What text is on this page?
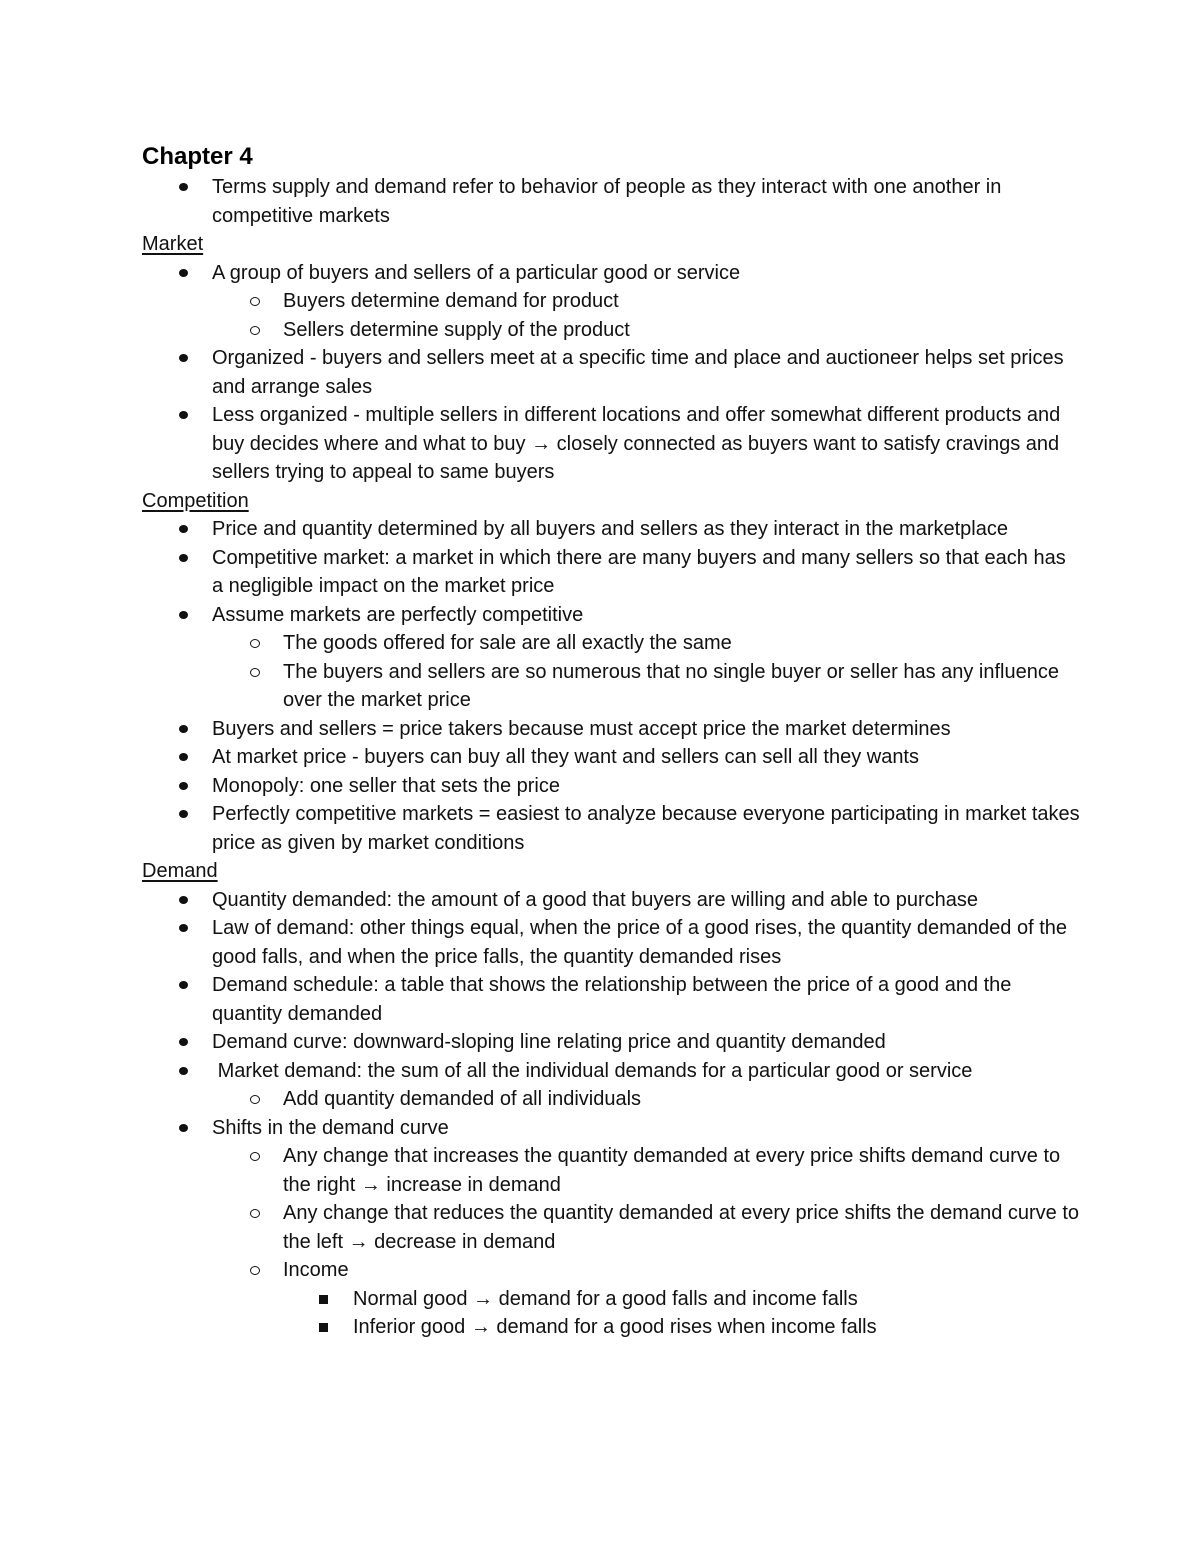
Chapter 4
Terms supply and demand refer to behavior of people as they interact with one another in competitive markets
Market
A group of buyers and sellers of a particular good or service
Buyers determine demand for product
Sellers determine supply of the product
Organized - buyers and sellers meet at a specific time and place and auctioneer helps set prices and arrange sales
Less organized - multiple sellers in different locations and offer somewhat different products and buy decides where and what to buy → closely connected as buyers want to satisfy cravings and sellers trying to appeal to same buyers
Competition
Price and quantity determined by all buyers and sellers as they interact in the marketplace
Competitive market: a market in which there are many buyers and many sellers so that each has a negligible impact on the market price
Assume markets are perfectly competitive
The goods offered for sale are all exactly the same
The buyers and sellers are so numerous that no single buyer or seller has any influence over the market price
Buyers and sellers = price takers because must accept price the market determines
At market price - buyers can buy all they want and sellers can sell all they wants
Monopoly: one seller that sets the price
Perfectly competitive markets = easiest to analyze because everyone participating in market takes price as given by market conditions
Demand
Quantity demanded: the amount of a good that buyers are willing and able to purchase
Law of demand: other things equal, when the price of a good rises, the quantity demanded of the good falls, and when the price falls, the quantity demanded rises
Demand schedule: a table that shows the relationship between the price of a good and the quantity demanded
Demand curve: downward-sloping line relating price and quantity demanded
Market demand: the sum of all the individual demands for a particular good or service
Add quantity demanded of all individuals
Shifts in the demand curve
Any change that increases the quantity demanded at every price shifts demand curve to the right → increase in demand
Any change that reduces the quantity demanded at every price shifts the demand curve to the left → decrease in demand
Income
Normal good → demand for a good falls and income falls
Inferior good → demand for a good rises when income falls
